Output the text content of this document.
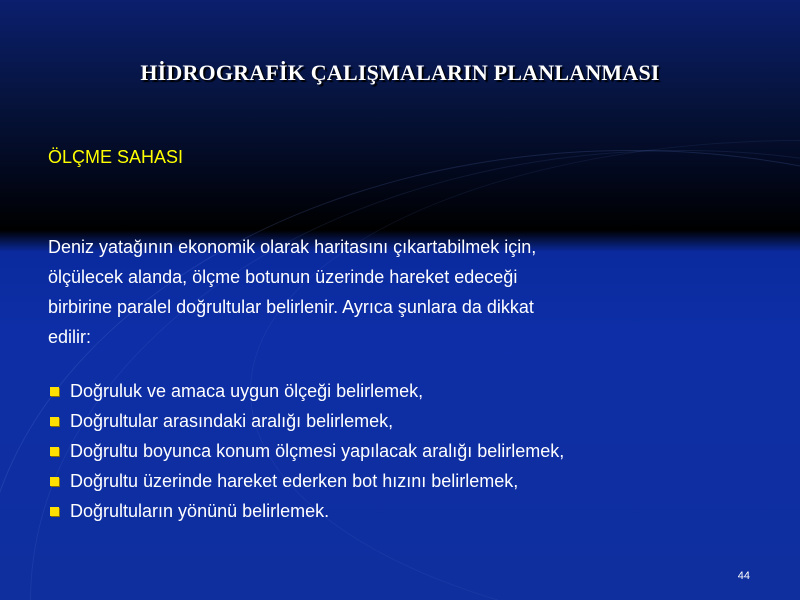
HİDROGRAFİK ÇALIŞMALARIN PLANLANMASI

ÖLÇME SAHASI

Deniz yatağının ekonomik olarak haritasını çıkartabilmek için,
ölçülecek alanda, ölçme botunun üzerinde hareket edeceği
birbirine paralel doğrultular belirlenir. Ayrıca şunlara da dikkat
edilir:
Doğruluk ve amaca uygun ölçeği belirlemek,
Doğrultular arasındaki aralığı belirlemek,
Doğrultu boyunca konum ölçmesi yapılacak aralığı belirlemek,
Doğrultu üzerinde hareket ederken bot hızını belirlemek,
Doğrultuların yönünü belirlemek.
44
